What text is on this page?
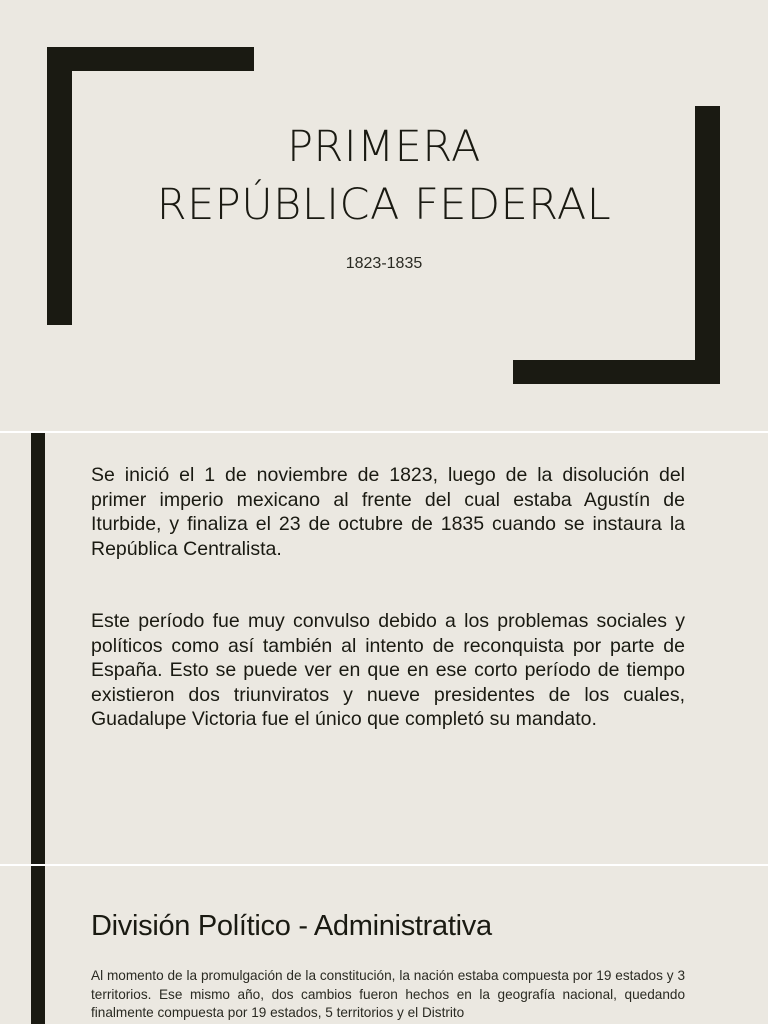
PRIMERA
REPÚBLICA FEDERAL
1823-1835

Se inició el 1 de noviembre de 1823, luego de la disolución del primer imperio mexicano al frente del cual estaba Agustín de Iturbide, y finaliza el 23 de octubre de 1835 cuando se instaura la República Centralista.

Este período fue muy convulso debido a los problemas sociales y políticos como así también al intento de reconquista por parte de España. Esto se puede ver en que en ese corto período de tiempo existieron dos triunviratos y nueve presidentes de los cuales, Guadalupe Victoria fue el único que completó su mandato.

División Político - Administrativa

Al momento de la promulgación de la constitución, la nación estaba compuesta por 19 estados y 3 territorios. Ese mismo año, dos cambios fueron hechos en la geografía nacional, quedando finalmente compuesta por 19 estados, 5 territorios y el Distrito
